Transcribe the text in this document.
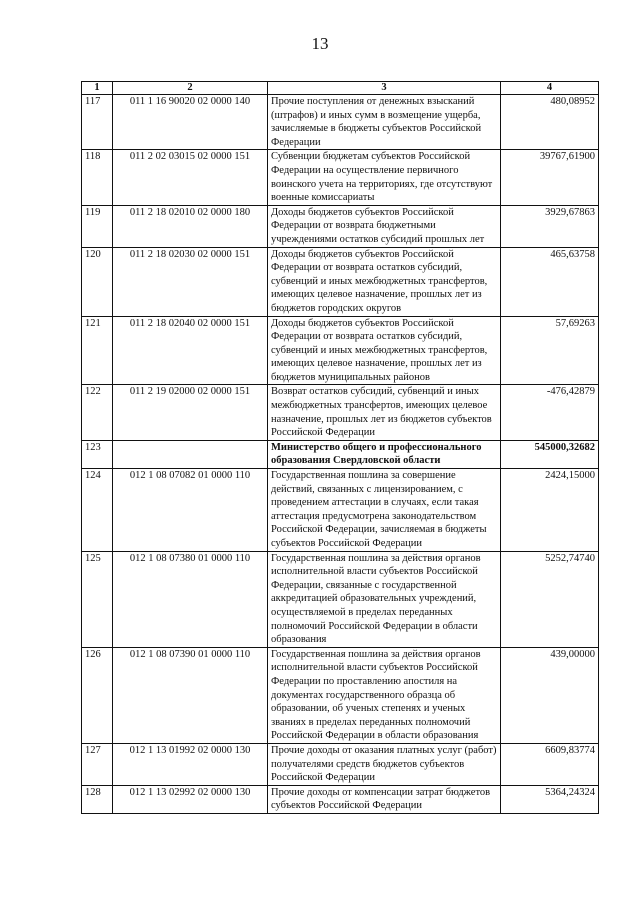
13
1	2	3	4
117	011 1 16 90020 02 0000 140	Прочие поступления от денежных взысканий (штрафов) и иных сумм в возмещение ущерба, зачисляемые в бюджеты субъектов Российской Федерации	480,08952
118	011 2 02 03015 02 0000 151	Субвенции бюджетам субъектов Российской Федерации на осуществление первичного воинского учета на территориях, где отсутствуют военные комиссариаты	39767,61900
119	011 2 18 02010 02 0000 180	Доходы бюджетов субъектов Российской Федерации от возврата бюджетными учреждениями остатков субсидий прошлых лет	3929,67863
120	011 2 18 02030 02 0000 151	Доходы бюджетов субъектов Российской Федерации от возврата остатков субсидий, субвенций и иных межбюджетных трансфертов, имеющих целевое назначение, прошлых лет из бюджетов городских округов	465,63758
121	011 2 18 02040 02 0000 151	Доходы бюджетов субъектов Российской Федерации от возврата остатков субсидий, субвенций и иных межбюджетных трансфертов, имеющих целевое назначение, прошлых лет из бюджетов муниципальных районов	57,69263
122	011 2 19 02000 02 0000 151	Возврат остатков субсидий, субвенций и иных межбюджетных трансфертов, имеющих целевое назначение, прошлых лет из бюджетов субъектов Российской Федерации	-476,42879
123		Министерство общего и профессионального образования Свердловской области	545000,32682
124	012 1 08 07082 01 0000 110	Государственная пошлина за совершение действий, связанных с лицензированием, с проведением аттестации в случаях, если такая аттестация предусмотрена законодательством Российской Федерации, зачисляемая в бюджеты субъектов Российской Федерации	2424,15000
125	012 1 08 07380 01 0000 110	Государственная пошлина за действия органов исполнительной власти субъектов Российской Федерации, связанные с государственной аккредитацией образовательных учреждений, осуществляемой в пределах переданных полномочий Российской Федерации в области образования	5252,74740
126	012 1 08 07390 01 0000 110	Государственная пошлина за действия органов исполнительной власти субъектов Российской Федерации по проставлению апостиля на документах государственного образца об образовании, об ученых степенях и ученых званиях в пределах переданных полномочий Российской Федерации в области образования	439,00000
127	012 1 13 01992 02 0000 130	Прочие доходы от оказания платных услуг (работ) получателями средств бюджетов субъектов Российской Федерации	6609,83774
128	012 1 13 02992 02 0000 130	Прочие доходы от компенсации затрат бюджетов субъектов Российской Федерации	5364,24324
